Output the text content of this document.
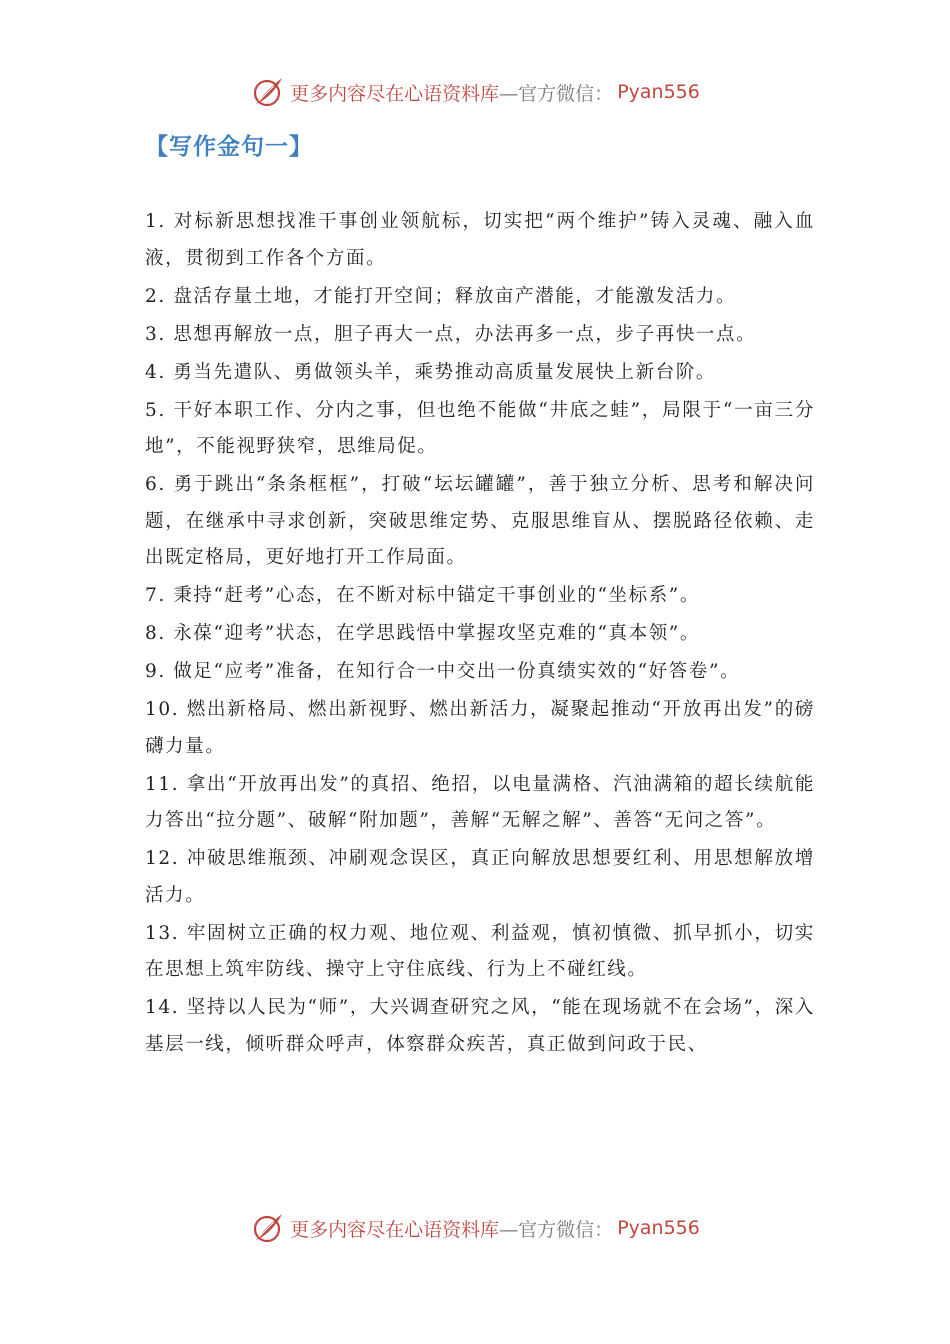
更多内容尽在心语资料库 —官方微信： Pyan556
【写作金句一】

1. 对标新思想找准干事创业领航标，切实把“两个维护”铸入灵魂、融入血液，贯彻到工作各个方面。

2. 盘活存量土地，才能打开空间；释放亩产潜能，才能激发活力。

3. 思想再解放一点，胆子再大一点，办法再多一点，步子再快一点。

4. 勇当先遣队、勇做领头羊，乘势推动高质量发展快上新台阶。

5. 干好本职工作、分内之事，但也绝不能做“井底之蛙”，局限于“一亩三分地”，不能视野狭窄，思维局促。

6. 勇于跳出“条条框框”，打破“坛坛罐罐”，善于独立分析、思考和解决问题，在继承中寻求创新，突破思维定势、克服思维盲从、摆脱路径依赖、走出既定格局，更好地打开工作局面。

7. 秉持“赶考”心态，在不断对标中锚定干事创业的“坐标系”。

8. 永葆“迎考”状态，在学思践悟中掌握攻坚克难的“真本领”。

9. 做足“应考”准备，在知行合一中交出一份真绩实效的“好答卷”。

10. 燃出新格局、燃出新视野、燃出新活力，凝聚起推动“开放再出发”的磅礴力量。

11. 拿出“开放再出发”的真招、绝招，以电量满格、汽油满箱的超长续航能力答出“拉分题”、破解“附加题”，善解“无解之解”、善答“无问之答”。

12. 冲破思维瓶颈、冲刷观念误区，真正向解放思想要红利、用思想解放增活力。

13. 牢固树立正确的权力观、地位观、利益观，慎初慎微、抓早抓小，切实在思想上筑牢防线、操守上守住底线、行为上不碰红线。

14. 坚持以人民为“师”，大兴调查研究之风，“能在现场就不在会场”，深入基层一线，倾听群众呼声，体察群众疾苦，真正做到问政于民、

更多内容尽在心语资料库 —官方微信： Pyan556
